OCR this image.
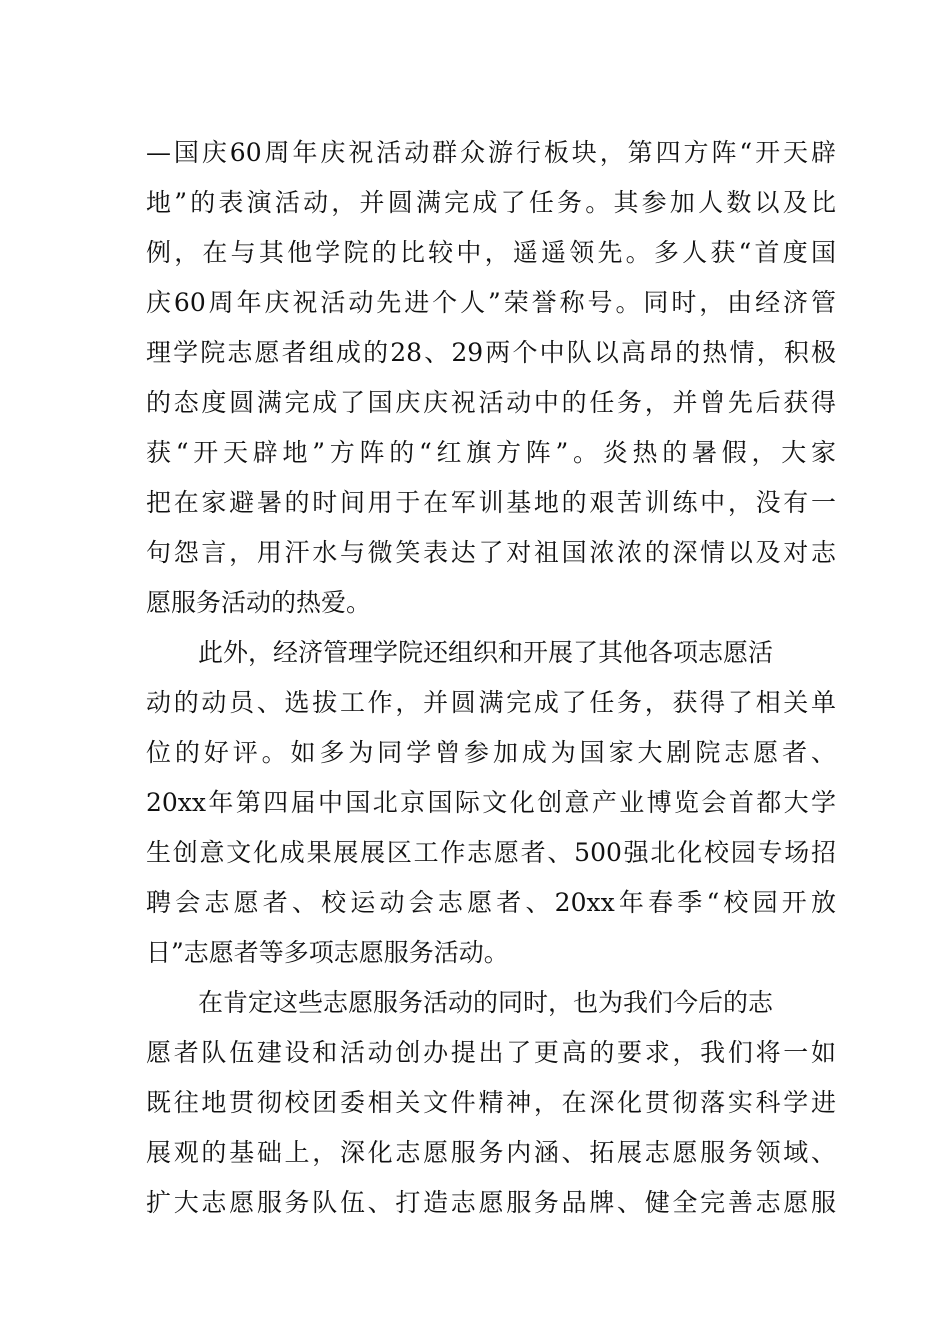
—国庆60周年庆祝活动群众游行板块，第四方阵“开天辟
地”的表演活动，并圆满完成了任务。其参加人数以及比
例，在与其他学院的比较中，遥遥领先。多人获“首度国
庆60周年庆祝活动先进个人”荣誉称号。同时，由经济管
理学院志愿者组成的28、29两个中队以高昂的热情，积极
的态度圆满完成了国庆庆祝活动中的任务，并曾先后获得
获“开天辟地”方阵的“红旗方阵”。炎热的暑假，大家
把在家避暑的时间用于在军训基地的艰苦训练中，没有一
句怨言，用汗水与微笑表达了对祖国浓浓的深情以及对志
愿服务活动的热爱。
此外，经济管理学院还组织和开展了其他各项志愿活
动的动员、选拔工作，并圆满完成了任务，获得了相关单
位的好评。如多为同学曾参加成为国家大剧院志愿者、
20xx年第四届中国北京国际文化创意产业博览会首都大学
生创意文化成果展展区工作志愿者、500强北化校园专场招
聘会志愿者、校运动会志愿者、20xx年春季“校园开放
日”志愿者等多项志愿服务活动。
在肯定这些志愿服务活动的同时，也为我们今后的志
愿者队伍建设和活动创办提出了更高的要求，我们将一如
既往地贯彻校团委相关文件精神，在深化贯彻落实科学进
展观的基础上，深化志愿服务内涵、拓展志愿服务领域、
扩大志愿服务队伍、打造志愿服务品牌、健全完善志愿服
